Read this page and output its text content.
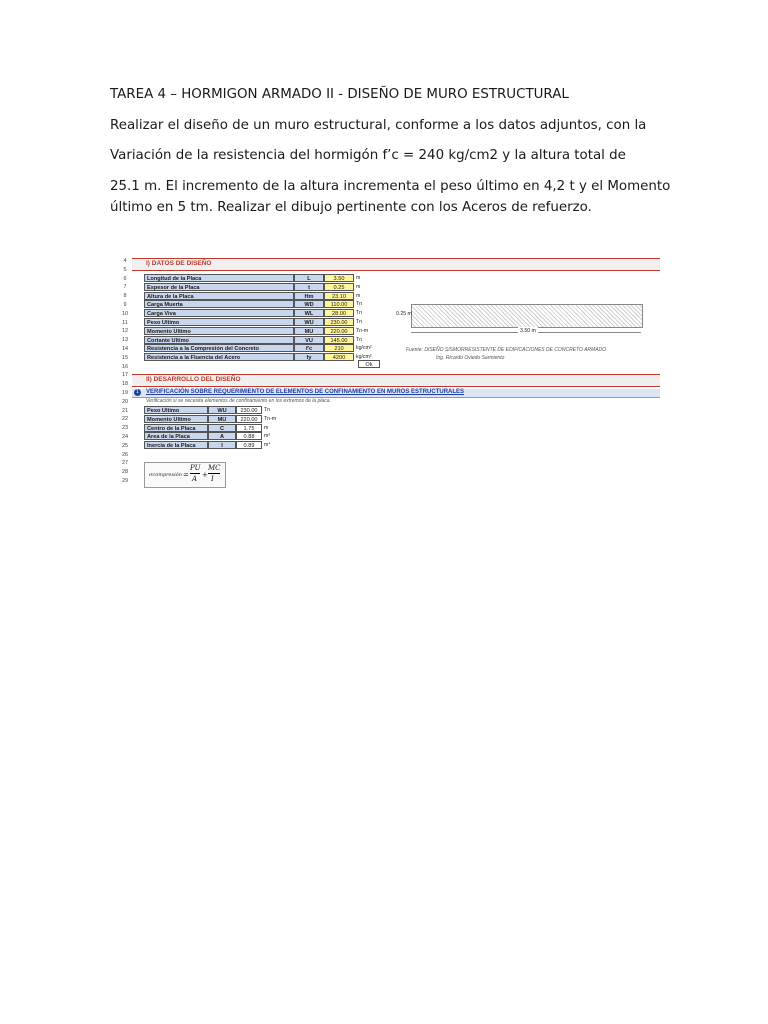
TAREA 4 – HORMIGON ARMADO II - DISEÑO DE MURO ESTRUCTURAL
Realizar el diseño de un muro estructural, conforme a los datos adjuntos, con la
Variación de la resistencia del hormigón f’c = 240 kg/cm2 y la altura total de
25.1 m. El incremento de la altura incrementa el peso último en 4,2 t y el Momento
último en 5 tm. Realizar el dibujo pertinente con los Aceros de refuerzo.
4
5
6
7
8
9
10
11
12
13
14
15
16
17
18
19
20
21
22
23
24
25
26
27
28
29
I) DATOS DE DISEÑO
Longitud de la Placa	L	3.50	m
Espesor de la Placa	t	0.25	m
Altura de la Placa	Hm	23.10	m
Carga Muerta	WD	110.00	Tn
Carga Viva	WL	28.00	Tn
Peso Ultimo	WU	230.00	Tn
Momento Ultimo	MU	220.00	Tn-m
Cortante Ultimo	VU	145.00	Tn
Resistencia a la Compresión del Concreto	f'c	210	kg/cm²
Resistencia a la Fluencia del Acero	fy	4200	kg/cm²
Ok
0.25 m
3.50 m
Fuente: DISEÑO SISMORRESISTENTE DE EDIFICACIONES DE CONCRETO ARMADO
Ing. Ricardo Oviedo Sarmiento
II) DESARROLLO DEL DISEÑO
1	VERIFICACIÓN SOBRE REQUERIMIENTO DE ELEMENTOS DE CONFINAMIENTO EN MUROS ESTRUCTURALES
Verificación si se necesita elementos de confinamiento en los extremos de la placa.
Peso Ultimo	WU	230.00	Tn
Momento Ultimo	MU	220.00	Tn-m
Centro de la Placa	C	1.75	m
Area de la Placa	A	0.88	m²
Inercia de la Placa	I	0.89	m⁴
σcompresión =
PU
A +
MC
I
